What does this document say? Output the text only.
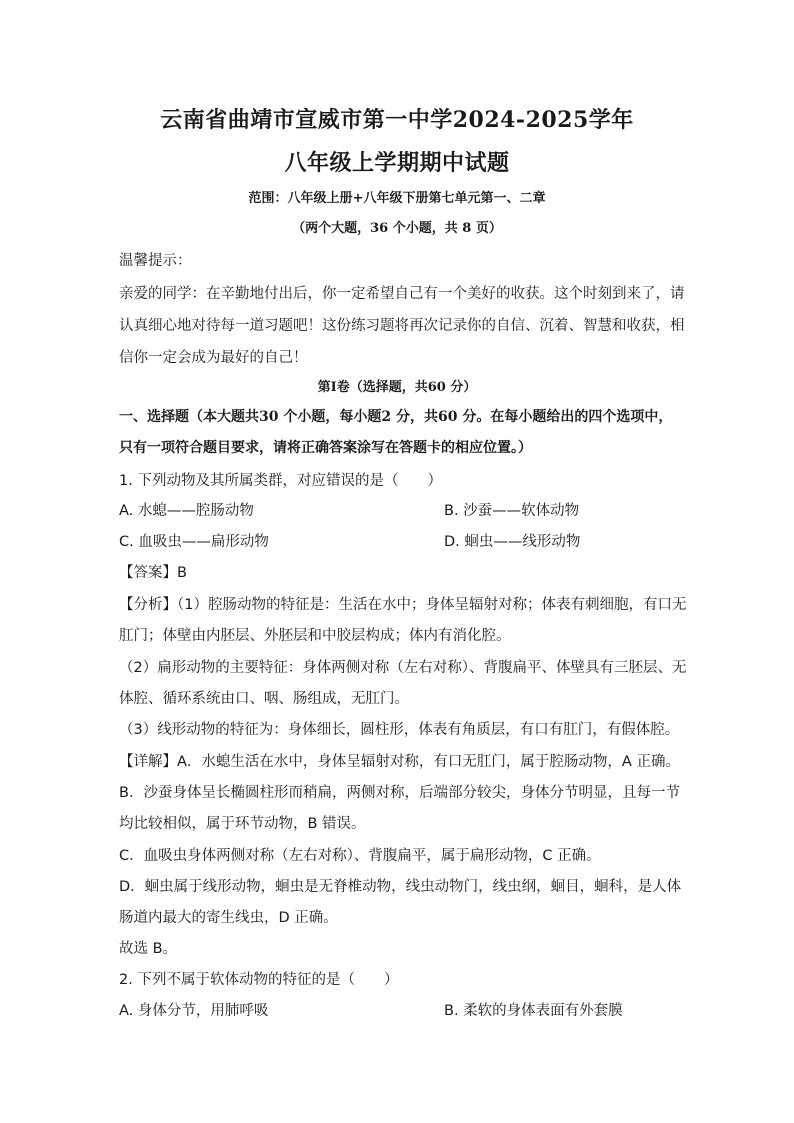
云南省曲靖市宣威市第一中学2024-2025学年
八年级上学期期中试题
范围：八年级上册+八年级下册第七单元第一、二章
（两个大题，36 个小题，共 8 页）
温馨提示：
亲爱的同学：在辛勤地付出后，你一定希望自己有一个美好的收获。这个时刻到来了，请
认真细心地对待每一道习题吧！这份练习题将再次记录你的自信、沉着、智慧和收获，相
信你一定会成为最好的自己！
第Ⅰ卷（选择题，共60 分）
一、选择题（本大题共30 个小题，每小题2 分，共60 分。在每小题给出的四个选项中，
只有一项符合题目要求，请将正确答案涂写在答题卡的相应位置。）
1. 下列动物及其所属类群，对应错误的是（　　）
A. 水螅——腔肠动物	B. 沙蚕——软体动物
C. 血吸虫——扁形动物	D. 蛔虫——线形动物
【答案】B
【分析】（1）腔肠动物的特征是：生活在水中；身体呈辐射对称；体表有刺细胞，有口无
肛门；体壁由内胚层、外胚层和中胶层构成；体内有消化腔。
（2）扁形动物的主要特征：身体两侧对称（左右对称）、背腹扁平、体壁具有三胚层、无
体腔、循环系统由口、咽、肠组成，无肛门。
（3）线形动物的特征为：身体细长，圆柱形，体表有角质层，有口有肛门，有假体腔。
【详解】A．水螅生活在水中，身体呈辐射对称，有口无肛门，属于腔肠动物，A 正确。
B．沙蚕身体呈长椭圆柱形而稍扁，两侧对称，后端部分较尖，身体分节明显，且每一节
均比较相似，属于环节动物，B 错误。
C．血吸虫身体两侧对称（左右对称）、背腹扁平，属于扁形动物，C 正确。
D．蛔虫属于线形动物，蛔虫是无脊椎动物，线虫动物门，线虫纲，蛔目，蛔科，是人体
肠道内最大的寄生线虫，D 正确。
故选 B。
2. 下列不属于软体动物的特征的是（　　）
A. 身体分节，用肺呼吸	B. 柔软的身体表面有外套膜
